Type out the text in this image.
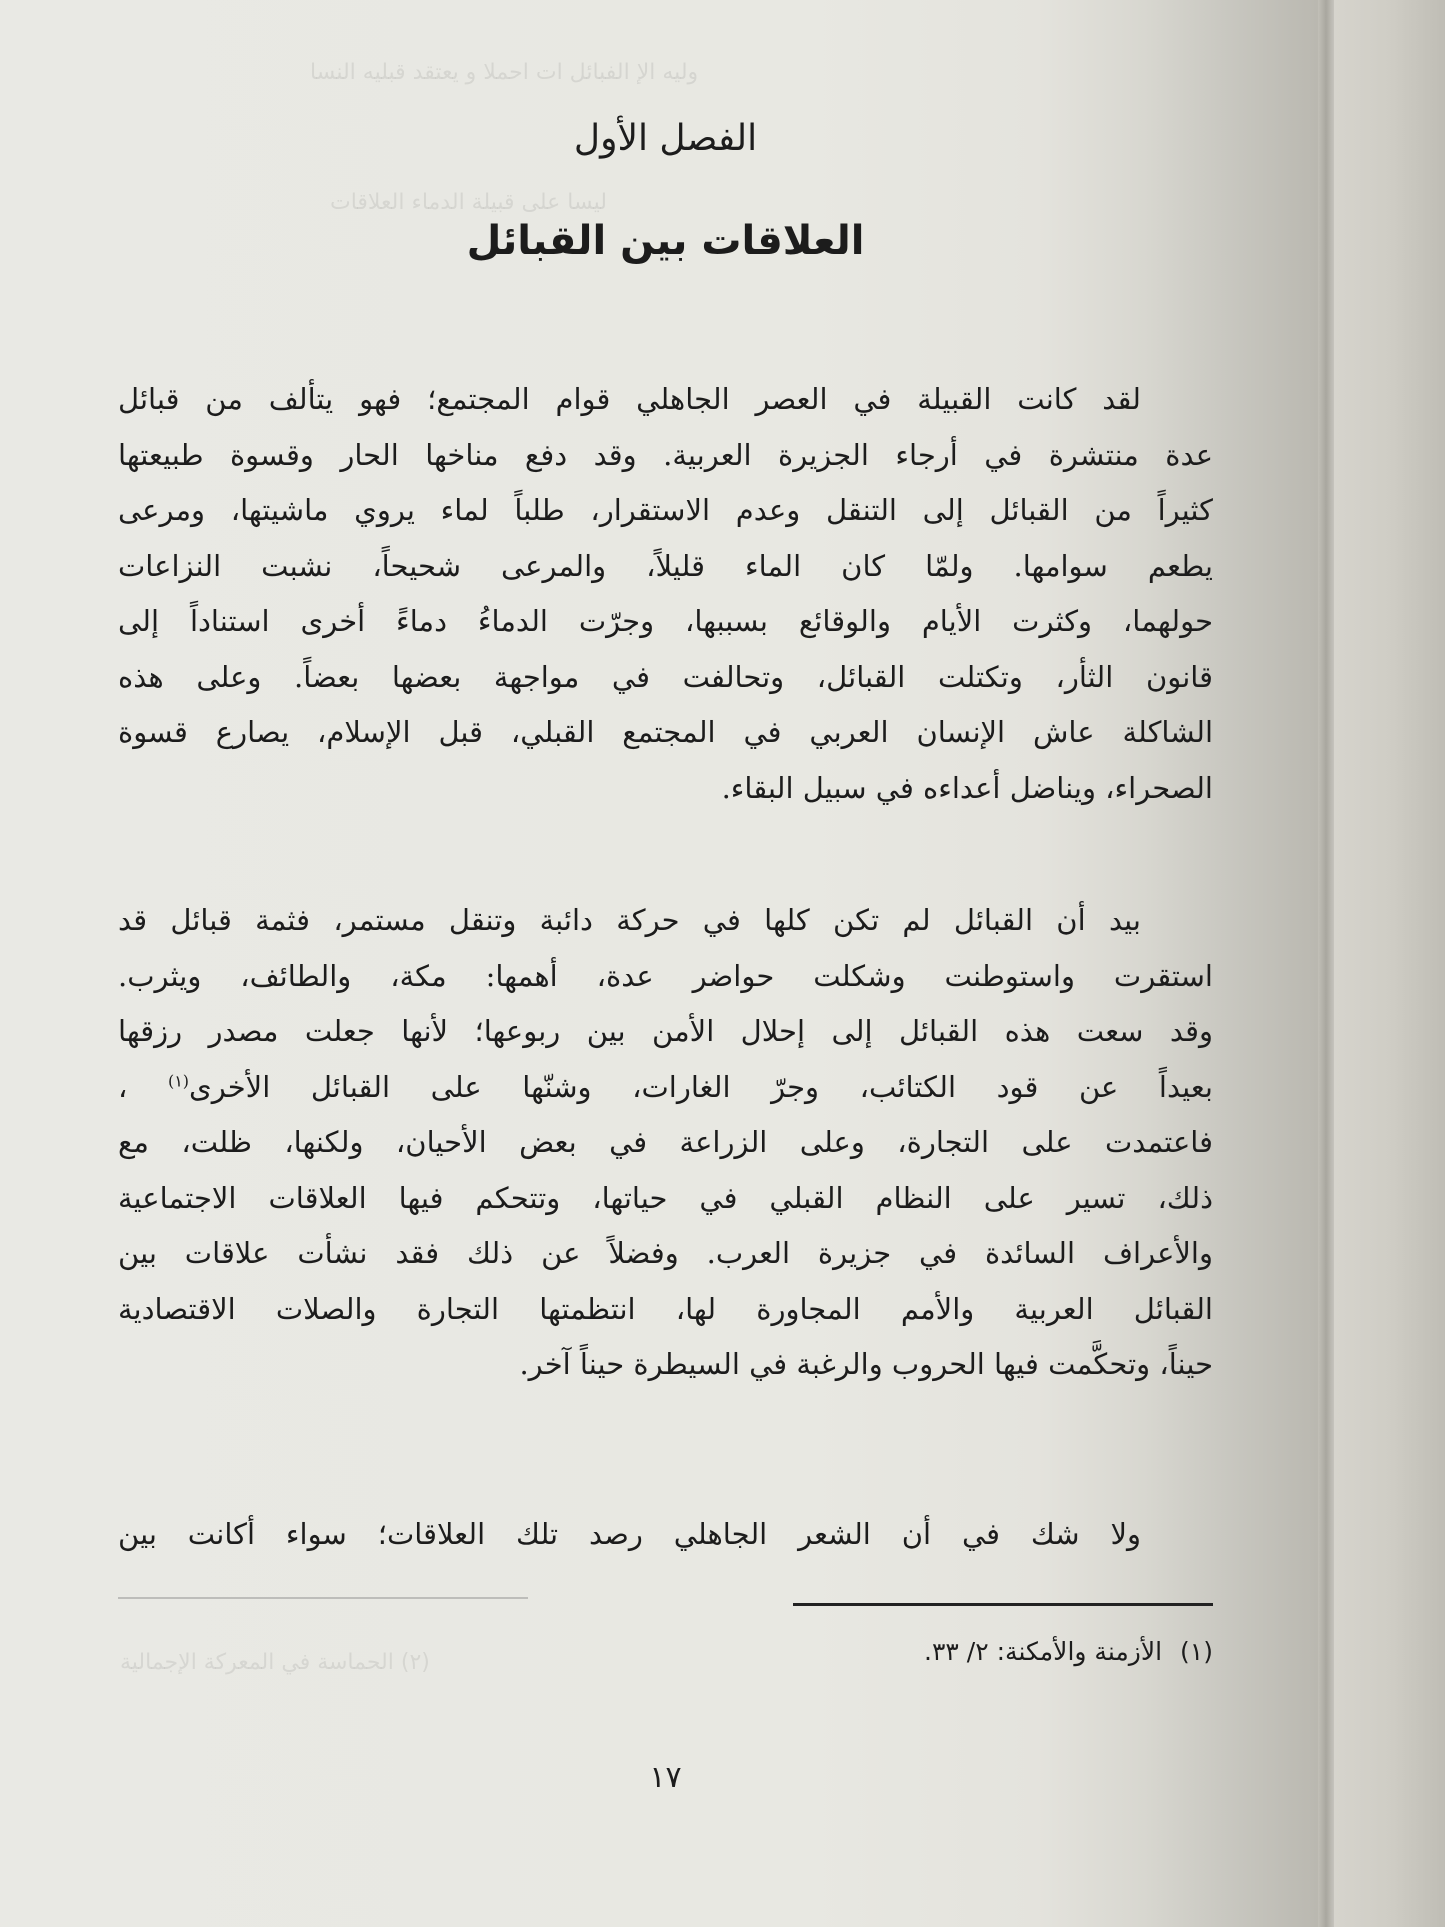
وليه الإ الفبائل ات احملا و يعتقد قبليه النسا
ليسا على قبيلة الدماء العلاقات
(٢) الحماسة في المعركة الإجمالية
الفصل الأول
العلاقات بين القبائل
لقد كانت القبيلة في العصر الجاهلي قوام المجتمع؛ فهو يتألف من قبائل
عدة منتشرة في أرجاء الجزيرة العربية. وقد دفع مناخها الحار وقسوة طبيعتها
كثيراً من القبائل إلى التنقل وعدم الاستقرار، طلباً لماء يروي ماشيتها، ومرعى
يطعم سوامها. ولمّا كان الماء قليلاً، والمرعى شحيحاً، نشبت النزاعات
حولهما، وكثرت الأيام والوقائع بسببها، وجرّت الدماءُ دماءً أخرى استناداً إلى
قانون الثأر، وتكتلت القبائل، وتحالفت في مواجهة بعضها بعضاً. وعلى هذه
الشاكلة عاش الإنسان العربي في المجتمع القبلي، قبل الإسلام، يصارع قسوة
الصحراء، ويناضل أعداءه في سبيل البقاء.
بيد أن القبائل لم تكن كلها في حركة دائبة وتنقل مستمر، فثمة قبائل قد
استقرت واستوطنت وشكلت حواضر عدة، أهمها: مكة، والطائف، ويثرب.
وقد سعت هذه القبائل إلى إحلال الأمن بين ربوعها؛ لأنها جعلت مصدر رزقها
بعيداً عن قود الكتائب، وجرّ الغارات، وشنّها على القبائل الأخرى$^{(١)}$ ،
فاعتمدت على التجارة، وعلى الزراعة في بعض الأحيان، ولكنها، ظلت، مع
ذلك، تسير على النظام القبلي في حياتها، وتتحكم فيها العلاقات الاجتماعية
والأعراف السائدة في جزيرة العرب. وفضلاً عن ذلك فقد نشأت علاقات بين
القبائل العربية والأمم المجاورة لها، انتظمتها التجارة والصلات الاقتصادية
حيناً، وتحكَّمت فيها الحروب والرغبة في السيطرة حيناً آخر.
ولا شك في أن الشعر الجاهلي رصد تلك العلاقات؛ سواء أكانت بين
(١)الأزمنة والأمكنة: ٢/ ٣٣.
١٧
